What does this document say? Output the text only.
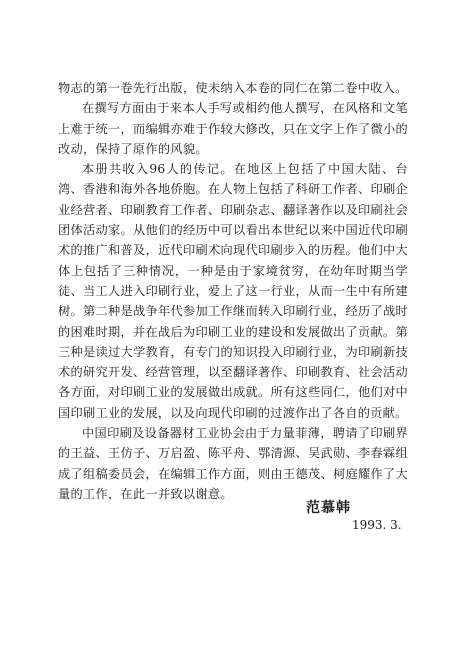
物志的第一卷先行出版，使未纳入本卷的同仁在第二卷中收入。

在撰写方面由于来本人手写或相约他人撰写，在风格和文笔上难于统一，而编辑亦难于作较大修改，只在文字上作了微小的改动，保持了原作的风貌。

本册共收入96人的传记。在地区上包括了中国大陆、台湾、香港和海外各地侨胞。在人物上包括了科研工作者、印刷企业经营者、印刷教育工作者、印刷杂志、翻译著作以及印刷社会团体活动家。从他们的经历中可以看出本世纪以来中国近代印刷术的推广和普及，近代印刷术向现代印刷步入的历程。他们中大体上包括了三种情况，一种是由于家境贫穷，在幼年时期当学徒、当工人进入印刷行业，爱上了这一行业，从而一生中有所建树。第二种是战争年代参加工作继而转入印刷行业，经历了战时的困难时期，并在战后为印刷工业的建设和发展做出了贡献。第三种是读过大学教育，有专门的知识投入印刷行业，为印刷新技术的研究开发、经营管理，以至翻译著作、印刷教育、社会活动各方面，对印刷工业的发展做出成就。所有这些同仁，他们对中国印刷工业的发展，以及向现代印刷的过渡作出了各自的贡献。

中国印刷及设备器材工业协会由于力量菲薄，聘请了印刷界的王益、王仿子、万启盈、陈平舟、鄂清源、吴武勋、李春霖组成了组稿委员会，在编辑工作方面，则由王德茂、柯庭耀作了大量的工作，在此一并致以谢意。

范慕韩
1993. 3.
